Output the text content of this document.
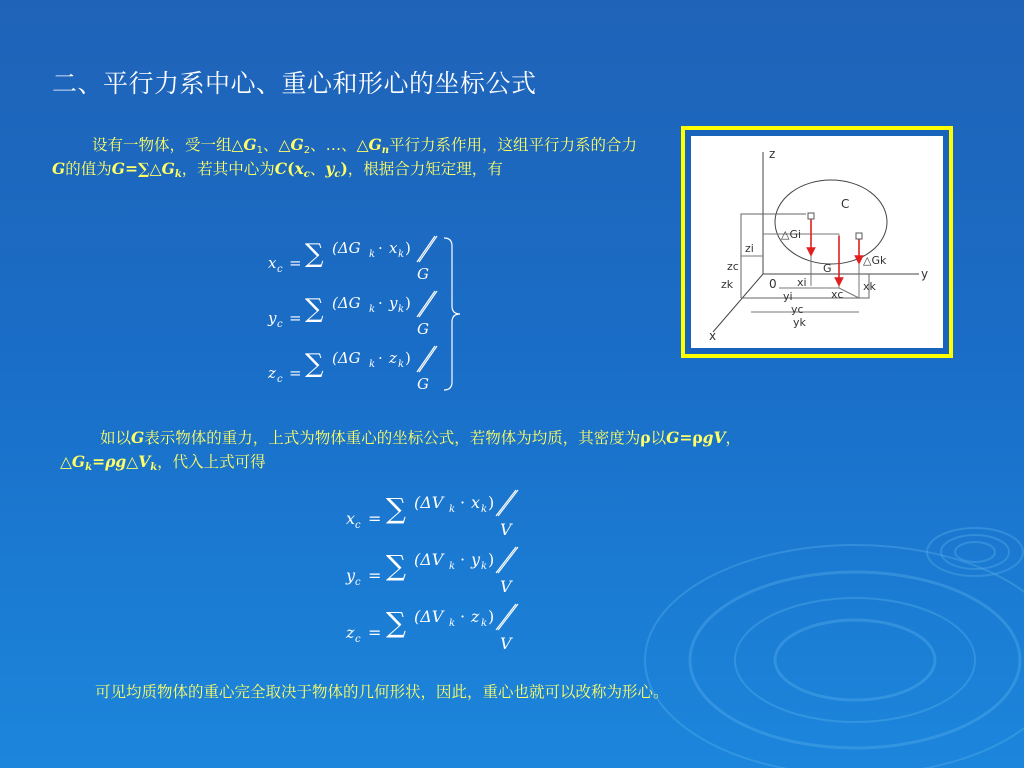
二、平行力系中心、重心和形心的坐标公式
设有一物体，受一组$\triangle G_1$、$\triangle G_2$、…、$\triangle G_n$平行力系作用，这组平行力系的合力G的值为$G=\sum\triangle G_k$，若其中心为$C(x_c$、$y_c$)，根据合力矩定理，有
z
y
x
0
C
△Gi
△Gk
G
zi
zc
zk	xi
xc
xk
yi
yc
yk
x c = ∑ (ΔG k · x k )
G
y c = ∑ (ΔG k · y k )
G
z c = ∑ (ΔG k · z k )
G
x c = ∑ (ΔV k · x k )
V
y c = ∑ (ΔV k · y k )
V
z c = ∑ (ΔV k · z k )
V
如以G表示物体的重力，上式为物体重心的坐标公式，若物体为均质，其密度为ρ以G=ρgV，
$\triangle G_k=\rho g\triangle V_k$，代入上式可得
可见均质物体的重心完全取决于物体的几何形状，因此，重心也就可以改称为形心。
